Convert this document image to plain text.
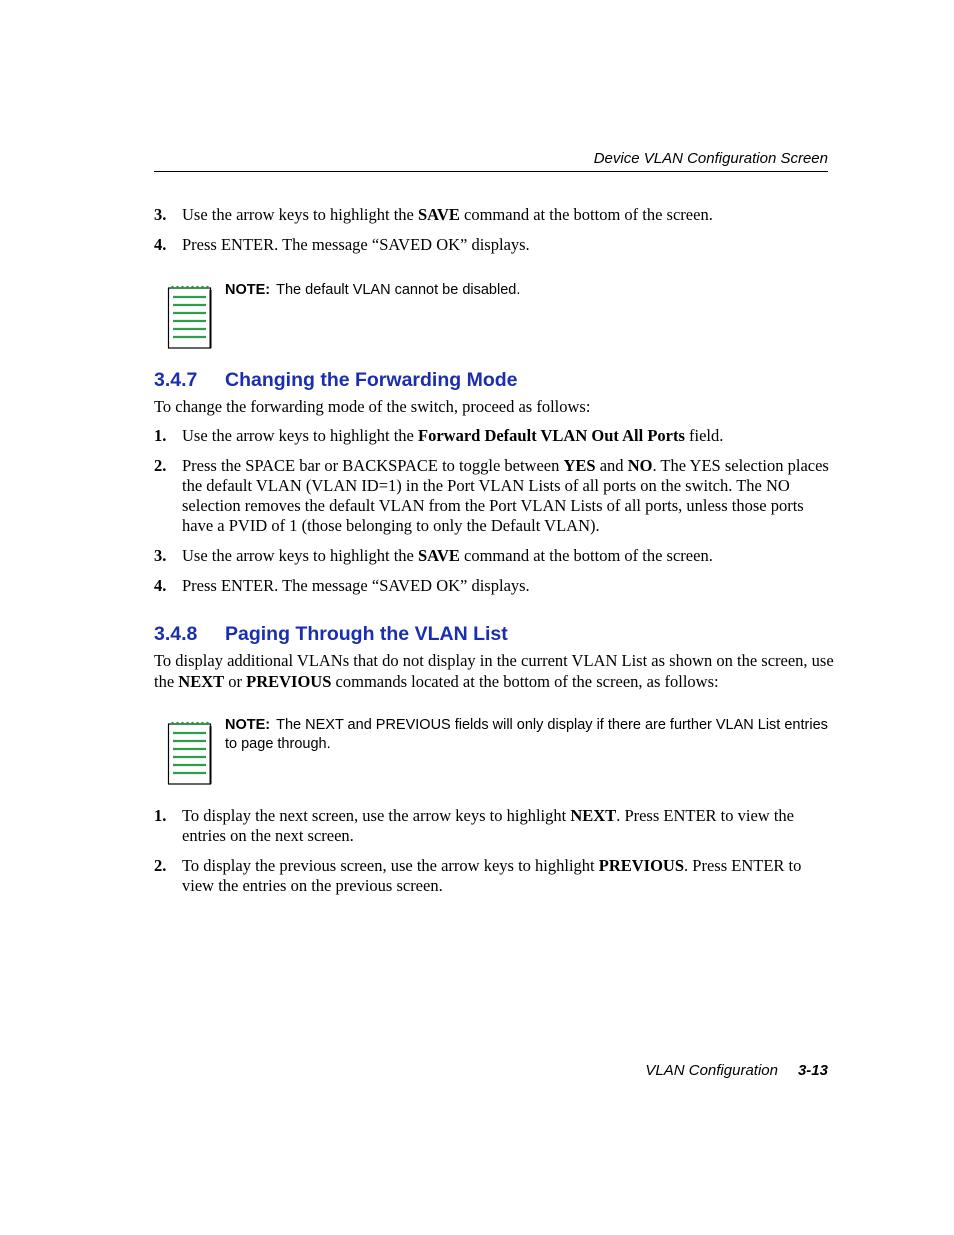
Device VLAN Configuration Screen
3. Use the arrow keys to highlight the SAVE command at the bottom of the screen.
4. Press ENTER. The message “SAVED OK” displays.
NOTE: The default VLAN cannot be disabled.
3.4.7 Changing the Forwarding Mode
To change the forwarding mode of the switch, proceed as follows:
1. Use the arrow keys to highlight the Forward Default VLAN Out All Ports field.
2. Press the SPACE bar or BACKSPACE to toggle between YES and NO. The YES selection places the default VLAN (VLAN ID=1) in the Port VLAN Lists of all ports on the switch. The NO selection removes the default VLAN from the Port VLAN Lists of all ports, unless those ports have a PVID of 1 (those belonging to only the Default VLAN).
3. Use the arrow keys to highlight the SAVE command at the bottom of the screen.
4. Press ENTER. The message “SAVED OK” displays.
3.4.8 Paging Through the VLAN List
To display additional VLANs that do not display in the current VLAN List as shown on the screen, use the NEXT or PREVIOUS commands located at the bottom of the screen, as follows:
NOTE: The NEXT and PREVIOUS fields will only display if there are further VLAN List entries to page through.
1. To display the next screen, use the arrow keys to highlight NEXT. Press ENTER to view the entries on the next screen.
2. To display the previous screen, use the arrow keys to highlight PREVIOUS. Press ENTER to view the entries on the previous screen.
VLAN Configuration 3-13
